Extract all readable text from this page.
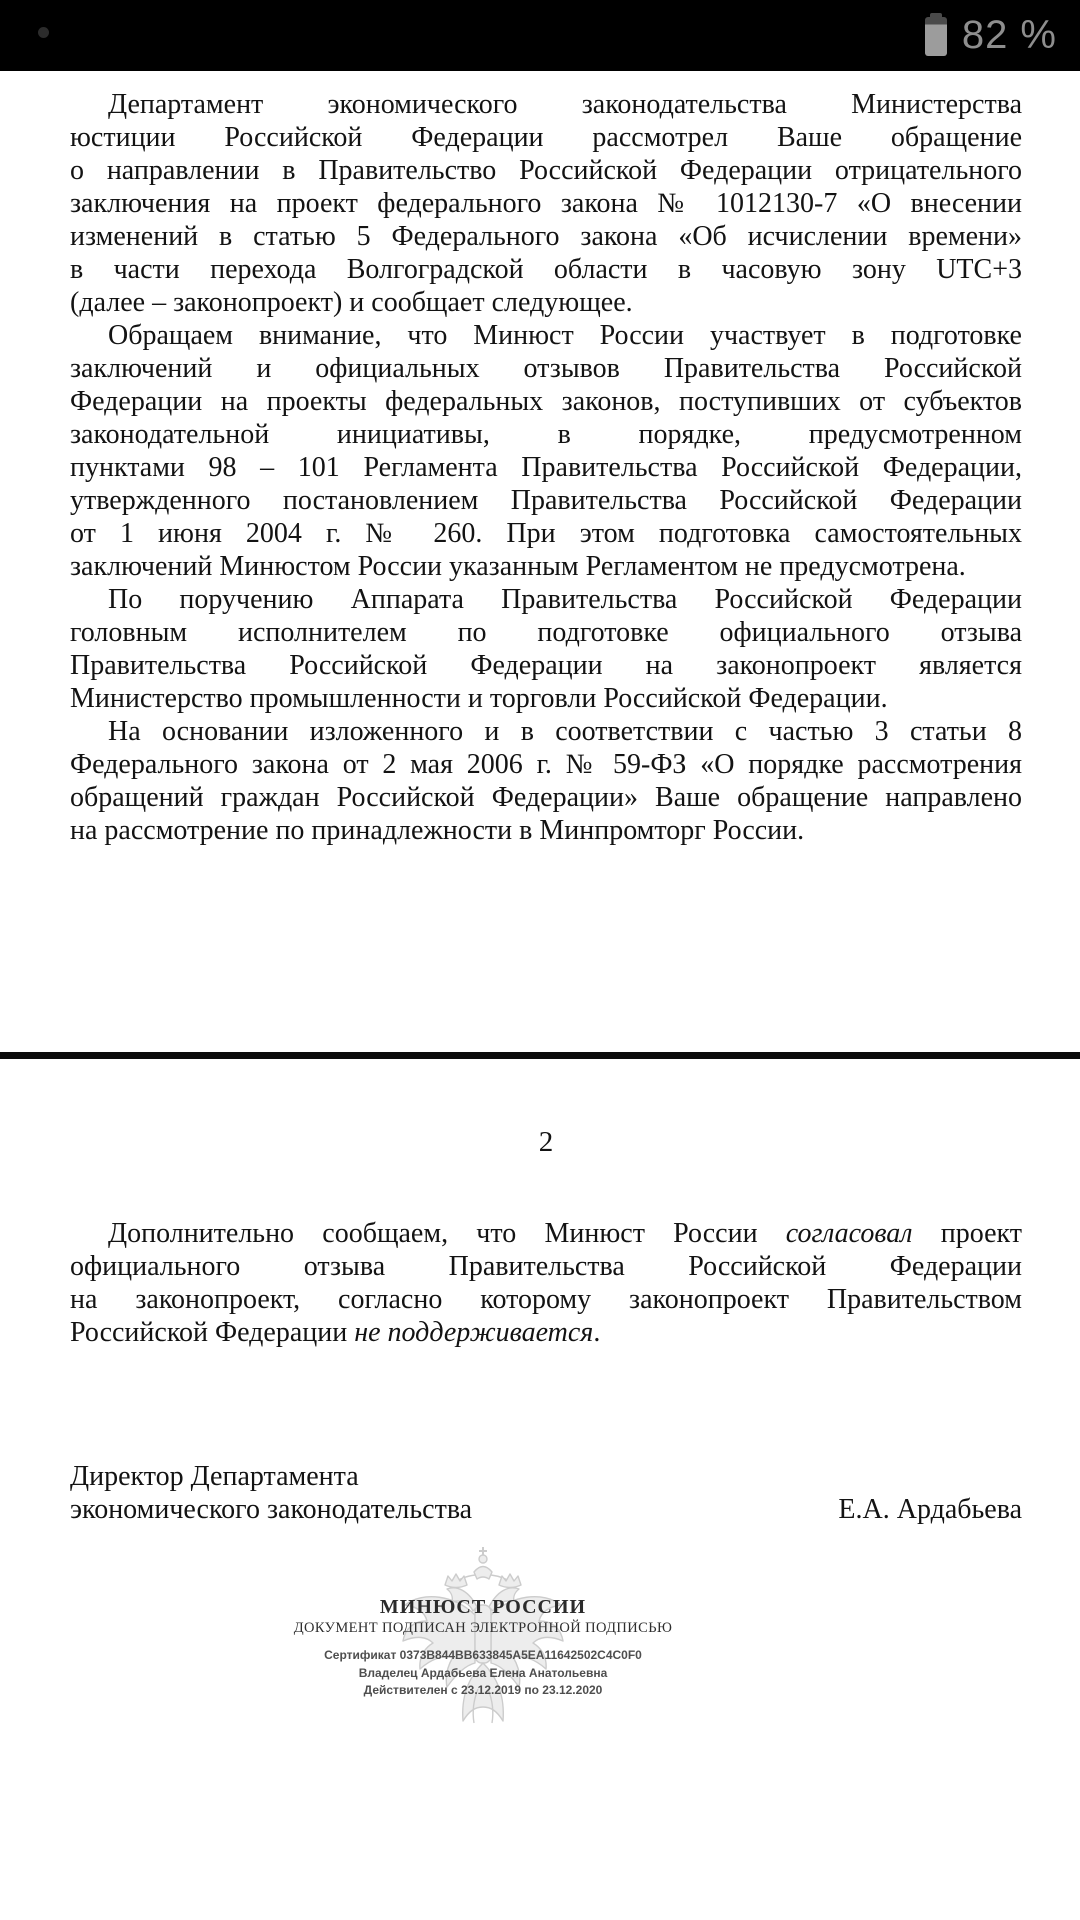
82 %
Департамент экономического законодательства Министерства
юстиции Российской Федерации рассмотрел Ваше обращение
о направлении в Правительство Российской Федерации отрицательного
заключения на проект федерального закона № 1012130-7 «О внесении
изменений в статью 5 Федерального закона «Об исчислении времени»
в части перехода Волгоградской области в часовую зону UTC+3
(далее – законопроект) и сообщает следующее.
Обращаем внимание, что Минюст России участвует в подготовке
заключений и официальных отзывов Правительства Российской
Федерации на проекты федеральных законов, поступивших от субъектов
законодательной инициативы, в порядке, предусмотренном
пунктами 98 – 101 Регламента Правительства Российской Федерации,
утвержденного постановлением Правительства Российской Федерации
от 1 июня 2004 г. № 260. При этом подготовка самостоятельных
заключений Минюстом России указанным Регламентом не предусмотрена.
По поручению Аппарата Правительства Российской Федерации
головным исполнителем по подготовке официального отзыва
Правительства Российской Федерации на законопроект является
Министерство промышленности и торговли Российской Федерации.
На основании изложенного и в соответствии с частью 3 статьи 8
Федерального закона от 2 мая 2006 г. № 59-ФЗ «О порядке рассмотрения
обращений граждан Российской Федерации» Ваше обращение направлено
на рассмотрение по принадлежности в Минпромторг России.
2
Дополнительно сообщаем, что Минюст России согласовал проект
официального отзыва Правительства Российской Федерации
на законопроект, согласно которому законопроект Правительством
Российской Федерации не поддерживается.
Директор Департамента
экономического законодательства	Е.А. Ардабьева
МИНЮСТ РОССИИ
ДОКУМЕНТ ПОДПИСАН ЭЛЕКТРОННОЙ ПОДПИСЬЮ
Сертификат 0373B844BB633845A5EA11642502C4C0F0
Владелец Ардабьева Елена Анатольевна
Действителен с 23.12.2019 по 23.12.2020
